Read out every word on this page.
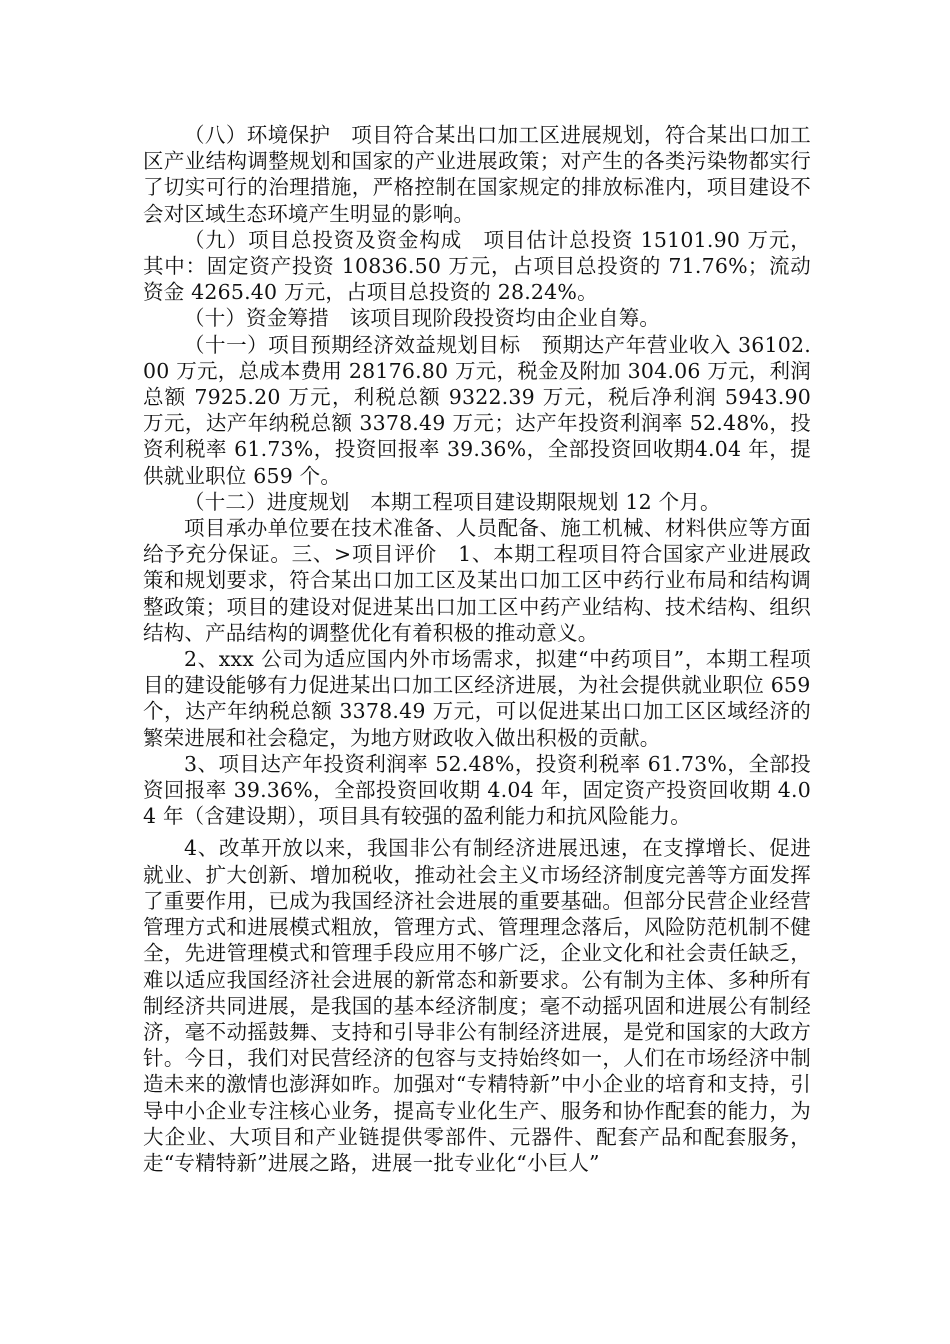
（八）环境保护　项目符合某出口加工区进展规划，符合某出口加工区产业结构调整规划和国家的产业进展政策；对产生的各类污染物都实行了切实可行的治理措施，严格控制在国家规定的排放标准内，项目建设不会对区域生态环境产生明显的影响。

（九）项目总投资及资金构成　项目估计总投资 15101.90 万元，其中：固定资产投资 10836.50 万元，占项目总投资的 71.76%；流动资金 4265.40 万元，占项目总投资的 28.24%。

（十）资金筹措　该项目现阶段投资均由企业自筹。

（十一）项目预期经济效益规划目标　预期达产年营业收入 36102.00 万元，总成本费用 28176.80 万元，税金及附加 304.06 万元，利润总额 7925.20 万元，利税总额 9322.39 万元，税后净利润 5943.90 万元，达产年纳税总额 3378.49 万元；达产年投资利润率 52.48%，投资利税率 61.73%，投资回报率 39.36%，全部投资回收期4.04 年，提供就业职位 659 个。

（十二）进度规划　本期工程项目建设期限规划 12 个月。

项目承办单位要在技术准备、人员配备、施工机械、材料供应等方面给予充分保证。三、>项目评价　1、本期工程项目符合国家产业进展政策和规划要求，符合某出口加工区及某出口加工区中药行业布局和结构调整政策；项目的建设对促进某出口加工区中药产业结构、技术结构、组织结构、产品结构的调整优化有着积极的推动意义。

2、xxx 公司为适应国内外市场需求，拟建“中药项目”，本期工程项目的建设能够有力促进某出口加工区经济进展，为社会提供就业职位 659

个，达产年纳税总额 3378.49 万元，可以促进某出口加工区区域经济的繁荣进展和社会稳定，为地方财政收入做出积极的贡献。

3、项目达产年投资利润率 52.48%，投资利税率 61.73%，全部投资回报率 39.36%，全部投资回收期 4.04 年，固定资产投资回收期 4.04 年（含建设期），项目具有较强的盈利能力和抗风险能力。

4、改革开放以来，我国非公有制经济进展迅速，在支撑增长、促进就业、扩大创新、增加税收，推动社会主义市场经济制度完善等方面发挥了重要作用，已成为我国经济社会进展的重要基础。但部分民营企业经营管理方式和进展模式粗放，管理方式、管理理念落后，风险防范机制不健全，先进管理模式和管理手段应用不够广泛，企业文化和社会责任缺乏，难以适应我国经济社会进展的新常态和新要求。公有制为主体、多种所有制经济共同进展，是我国的基本经济制度；毫不动摇巩固和进展公有制经济，毫不动摇鼓舞、支持和引导非公有制经济进展，是党和国家的大政方针。今日，我们对民营经济的包容与支持始终如一，人们在市场经济中制造未来的激情也澎湃如昨。加强对“专精特新”中小企业的培育和支持，引导中小企业专注核心业务，提高专业化生产、服务和协作配套的能力，为大企业、大项目和产业链提供零部件、元器件、配套产品和配套服务，走“专精特新”进展之路，进展一批专业化“小巨人”
